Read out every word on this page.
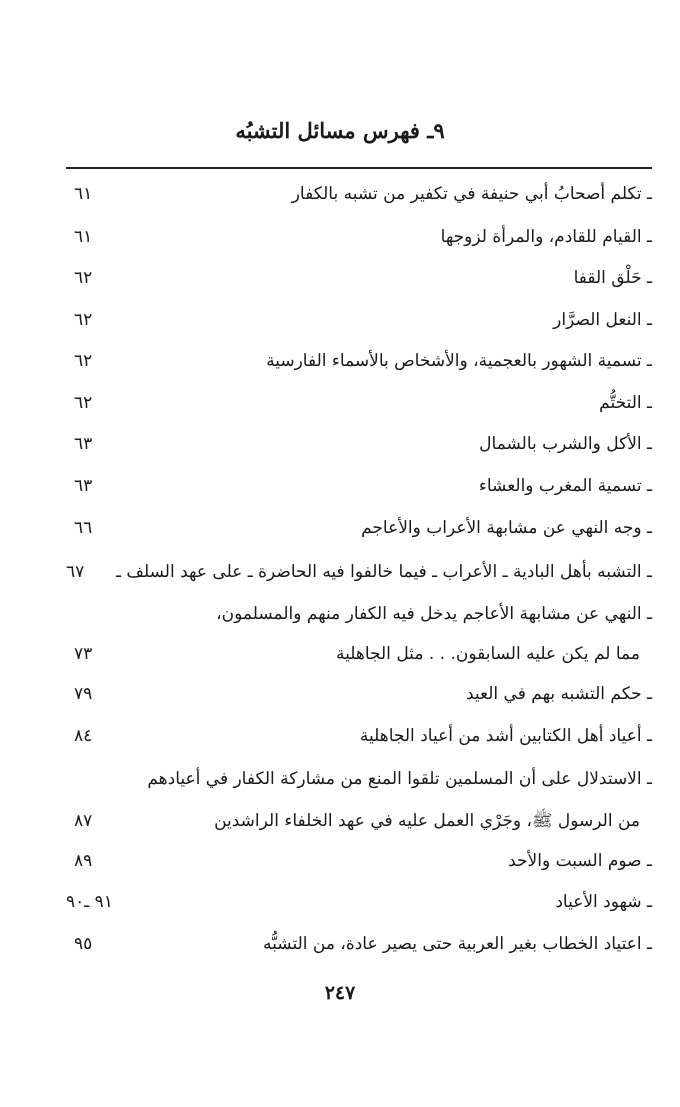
٩ـ فهرس مسائل التشبُه
ـ تكلم أصحابُ أبي حنيفة في تكفير من تشبه بالكفار
٦١
ـ القيام للقادم، والمرأة لزوجها
٦١
ـ حَلْق القفا
٦٢
ـ النعل الصرَّار
٦٢
ـ تسمية الشهور بالعجمية، والأشخاص بالأسماء الفارسية
٦٢
ـ التختُّم
٦٢
ـ الأكل والشرب بالشمال
٦٣
ـ تسمية المغرب والعشاء
٦٣
ـ وجه النهي عن مشابهة الأعراب والأعاجم
٦٦
ـ التشبه بأهل البادية ـ الأعراب ـ فيما خالفوا فيه الحاضرة ـ على عهد السلف ـ
٦٧
ـ النهي عن مشابهة الأعاجم يدخل فيه الكفار منهم والمسلمون،
مما لم يكن عليه السابقون. . . مثل الجاهلية
٧٣
ـ حكم التشبه بهم في العيد
٧٩
ـ أعياد أهل الكتابين أشد من أعياد الجاهلية
٨٤
ـ الاستدلال على أن المسلمين تلقوا المنع من مشاركة الكفار في أعيادهم
من الرسول ﷺ، وجَرْي العمل عليه في عهد الخلفاء الراشدين
٨٧
ـ صوم السبت والأحد
٨٩
ـ شهود الأعياد
٩١ ـ٩٠
ـ اعتياد الخطاب بغير العربية حتى يصير عادة، من التشبُّه
٩٥
٢٤٧
